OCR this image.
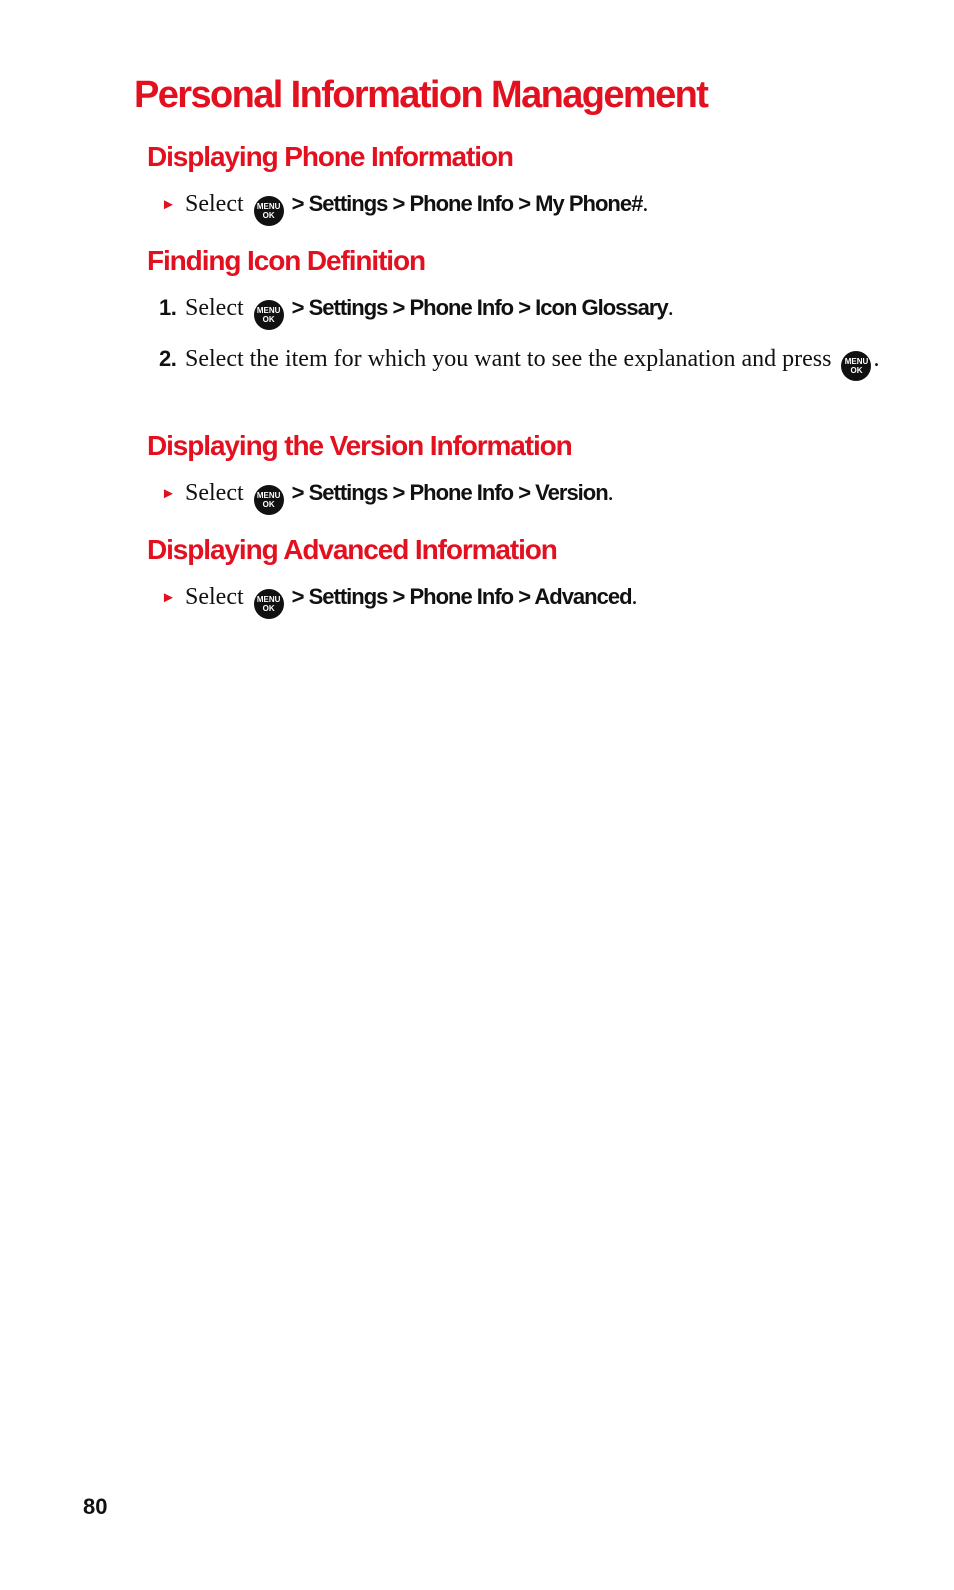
Personal Information Management
Displaying Phone Information
► Select	MENU
OK > Settings > Phone Info > My Phone#.
Finding Icon Definition
1. Select	MENU
OK > Settings > Phone Info > Icon Glossary.
2. Select the item for which you want to see the explanation and press	MENU
OK .
Displaying the Version Information
► Select	MENU
OK > Settings > Phone Info > Version.
Displaying Advanced Information
► Select	MENU
OK > Settings > Phone Info > Advanced.
80
